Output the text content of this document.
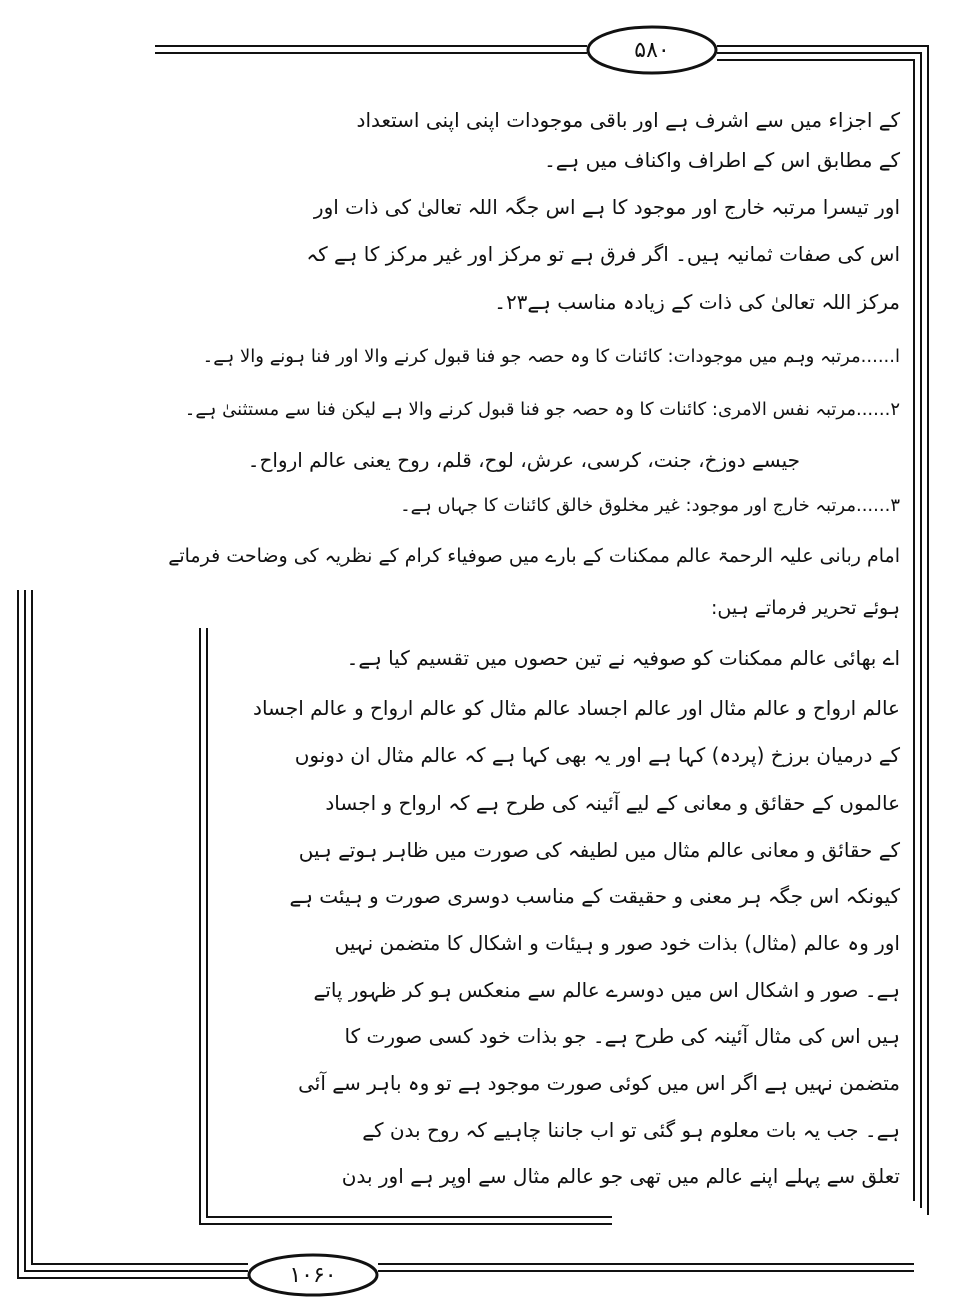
۵۸۰
۱۰۶۰
کے اجزاء میں سے اشرف ہے اور باقی موجودات اپنی اپنی استعداد
کے مطابق اس کے اطراف واکناف میں ہے۔
اور تیسرا مرتبہ خارج اور موجود کا ہے اس جگہ اللہ تعالیٰ کی ذات اور
اس کی صفات ثمانیہ ہیں۔ اگر فرق ہے تو مرکز اور غیر مرکز کا ہے کہ
مرکز اللہ تعالیٰ کی ذات کے زیادہ مناسب ہے۲۳۔
ا......مرتبہ وہم میں موجودات: کائنات کا وہ حصہ جو فنا قبول کرنے والا اور فنا ہونے والا ہے۔
۲......مرتبہ نفس الامری: کائنات کا وہ حصہ جو فنا قبول کرنے والا ہے لیکن فنا سے مستثنیٰ ہے۔
جیسے دوزخ، جنت، کرسی، عرش، لوح، قلم، روح یعنی عالم ارواح۔
۳......مرتبہ خارج اور موجود: غیر مخلوق خالق کائنات کا جہاں ہے۔
امام ربانی علیہ الرحمۃ عالم ممکنات کے بارے میں صوفیاء کرام کے نظریہ کی وضاحت فرماتے
ہوئے تحریر فرماتے ہیں:
اے بھائی عالم ممکنات کو صوفیہ نے تین حصوں میں تقسیم کیا ہے۔
عالم ارواح و عالم مثال اور عالم اجساد عالم مثال کو عالم ارواح و عالم اجساد
کے درمیان برزخ (پردہ) کہا ہے اور یہ بھی کہا ہے کہ عالم مثال ان دونوں
عالموں کے حقائق و معانی کے لیے آئینہ کی طرح ہے کہ ارواح و اجساد
کے حقائق و معانی عالم مثال میں لطیفہ کی صورت میں ظاہر ہوتے ہیں
کیونکہ اس جگہ ہر معنی و حقیقت کے مناسب دوسری صورت و ہیئت ہے
اور وہ عالم (مثال) بذات خود صور و ہیئات و اشکال کا متضمن نہیں
ہے۔ صور و اشکال اس میں دوسرے عالم سے منعکس ہو کر ظہور پاتے
ہیں اس کی مثال آئینہ کی طرح ہے۔ جو بذات خود کسی صورت کا
متضمن نہیں ہے اگر اس میں کوئی صورت موجود ہے تو وہ باہر سے آئی
ہے۔ جب یہ بات معلوم ہو گئی تو اب جاننا چاہیے کہ روح بدن کے
تعلق سے پہلے اپنے عالم میں تھی جو عالم مثال سے اوپر ہے اور بدن
